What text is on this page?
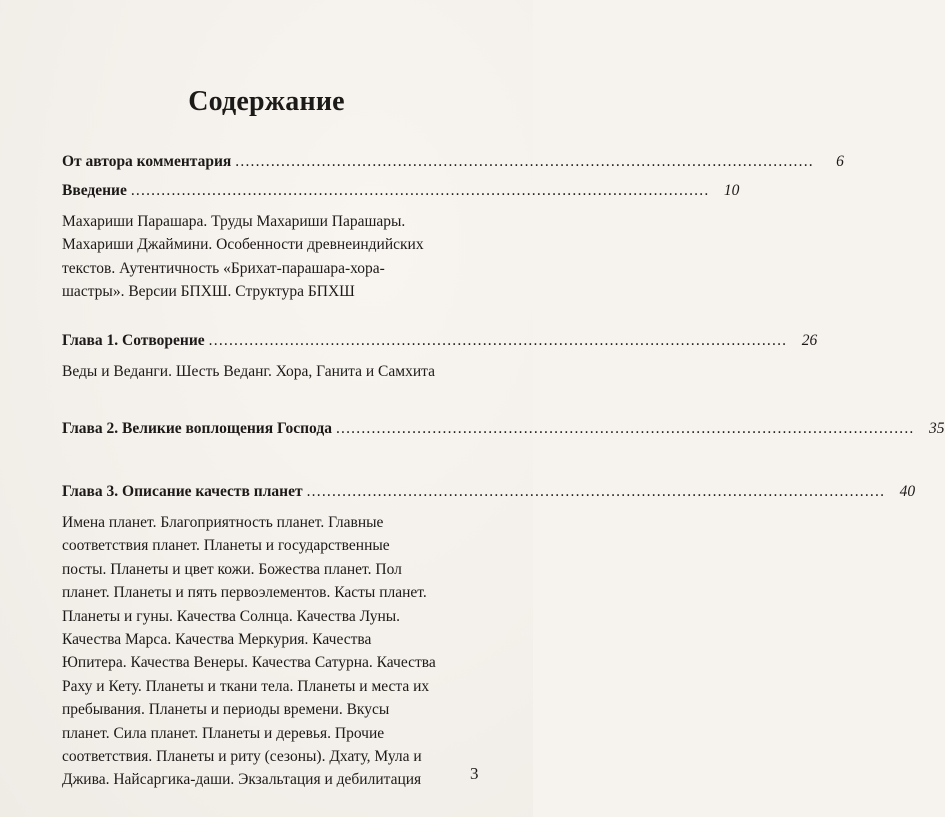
Содержание
От автора комментария ..................................................................................................................	6
Введение .................................................................................................................. 10
Махариши Парашара. Труды Махариши Парашары.
Махариши Джаймини. Особенности древнеиндийских
текстов. Аутентичность «Брихат-парашара-хора-
шастры». Версии БПХШ. Структура БПХШ
Глава 1. Сотворение .................................................................................................................. 26
Веды и Веданги. Шесть Веданг. Хора, Ганита и Самхита
Глава 2. Великие воплощения Господа .................................................................................................................. 35
Глава 3. Описание качеств планет .................................................................................................................. 40
Имена планет. Благоприятность планет. Главные
соответствия планет. Планеты и государственные
посты. Планеты и цвет кожи. Божества планет. Пол
планет. Планеты и пять первоэлементов. Касты планет.
Планеты и гуны. Качества Солнца. Качества Луны.
Качества Марса. Качества Меркурия. Качества
Юпитера. Качества Венеры. Качества Сатурна. Качества
Раху и Кету. Планеты и ткани тела. Планеты и места их
пребывания. Планеты и периоды времени. Вкусы
планет. Сила планет. Планеты и деревья. Прочие
соответствия. Планеты и риту (сезоны). Дхату, Мула и
Джива. Найсаргика-даши. Экзальтация и дебилитация	3
